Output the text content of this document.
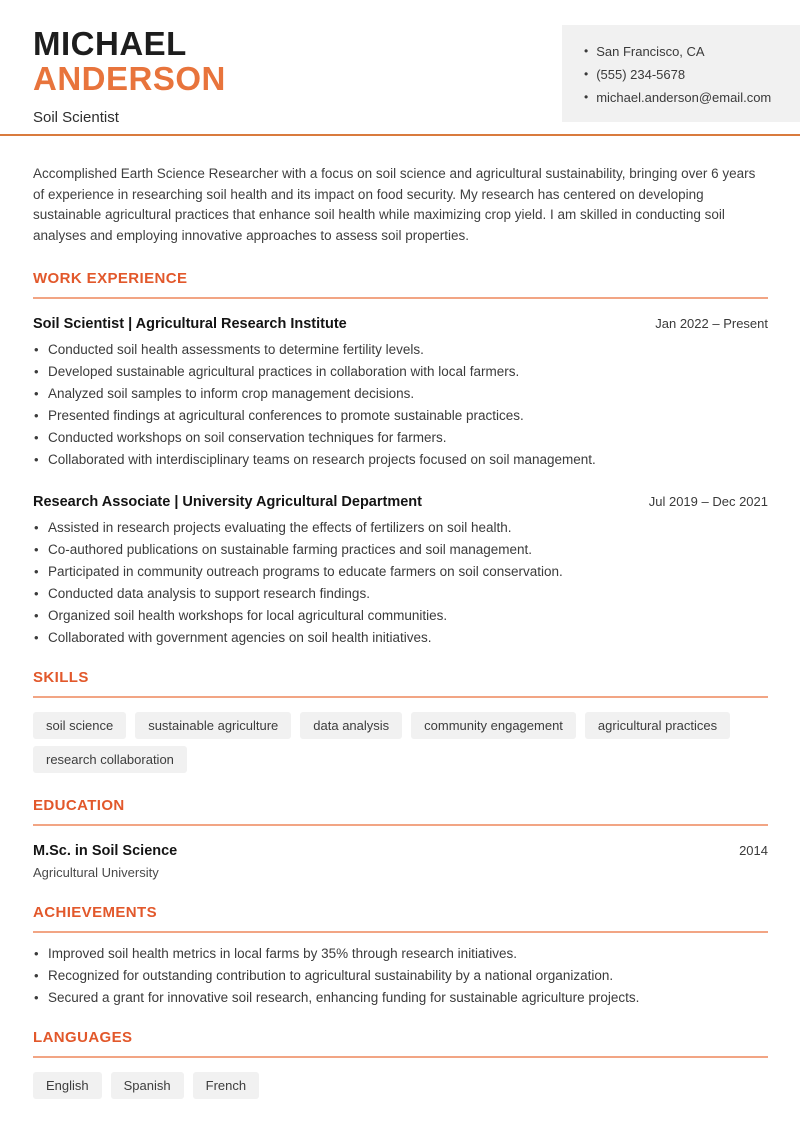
MICHAEL
ANDERSON
Soil Scientist
• San Francisco, CA
• (555) 234-5678
• michael.anderson@email.com

Accomplished Earth Science Researcher with a focus on soil science and agricultural sustainability, bringing over 6 years of experience in researching soil health and its impact on food security. My research has centered on developing sustainable agricultural practices that enhance soil health while maximizing crop yield. I am skilled in conducting soil analyses and employing innovative approaches to assess soil properties.

WORK EXPERIENCE
Soil Scientist | Agricultural Research Institute	Jan 2022 – Present
• Conducted soil health assessments to determine fertility levels.
• Developed sustainable agricultural practices in collaboration with local farmers.
• Analyzed soil samples to inform crop management decisions.
• Presented findings at agricultural conferences to promote sustainable practices.
• Conducted workshops on soil conservation techniques for farmers.
• Collaborated with interdisciplinary teams on research projects focused on soil management.
Research Associate | University Agricultural Department	Jul 2019 – Dec 2021
• Assisted in research projects evaluating the effects of fertilizers on soil health.
• Co-authored publications on sustainable farming practices and soil management.
• Participated in community outreach programs to educate farmers on soil conservation.
• Conducted data analysis to support research findings.
• Organized soil health workshops for local agricultural communities.
• Collaborated with government agencies on soil health initiatives.
SKILLS
soil science	sustainable agriculture	data analysis	community engagement	agricultural practices
research collaboration
EDUCATION
M.Sc. in Soil Science	2014
Agricultural University
ACHIEVEMENTS
• Improved soil health metrics in local farms by 35% through research initiatives.
• Recognized for outstanding contribution to agricultural sustainability by a national organization.
• Secured a grant for innovative soil research, enhancing funding for sustainable agriculture projects.
LANGUAGES
English	Spanish	French
